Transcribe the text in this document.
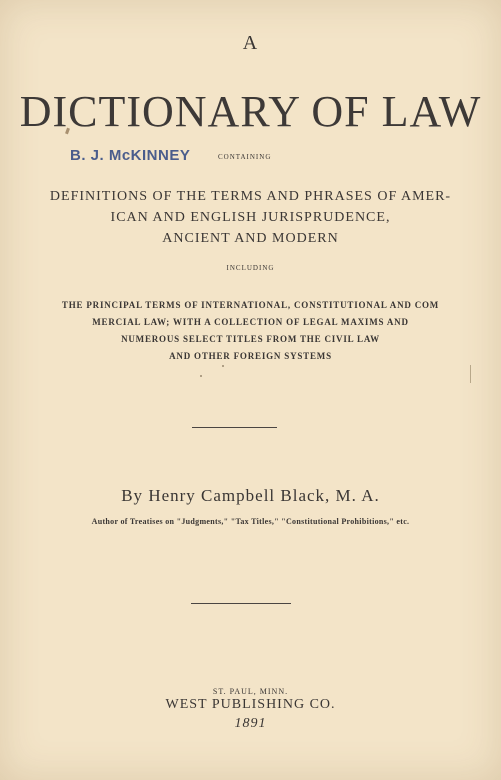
A
DICTIONARY OF LAW
B. J. McKINNEY	CONTAINING
DEFINITIONS OF THE TERMS AND PHRASES OF AMER-
ICAN AND ENGLISH JURISPRUDENCE,
ANCIENT AND MODERN
INCLUDING
THE PRINCIPAL TERMS OF INTERNATIONAL, CONSTITUTIONAL AND COM
MERCIAL LAW; WITH A COLLECTION OF LEGAL MAXIMS AND
NUMEROUS SELECT TITLES FROM THE CIVIL LAW
AND OTHER FOREIGN SYSTEMS
By Henry Campbell Black, M. A.
Author of Treatises on "Judgments," "Tax Titles," "Constitutional Prohibitions," etc.
ST. PAUL, MINN.
WEST PUBLISHING CO.
1891
